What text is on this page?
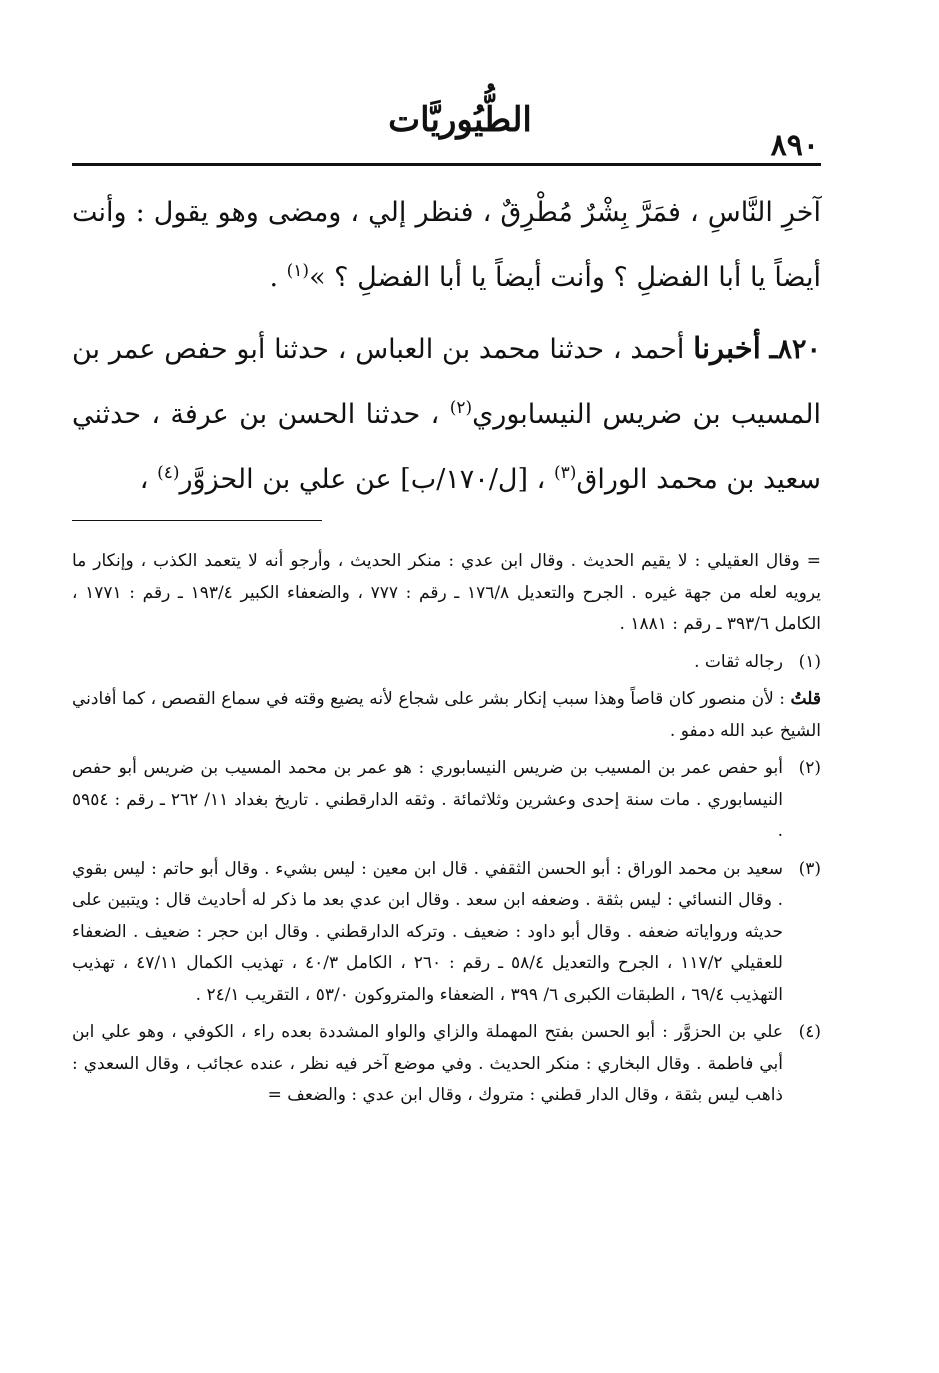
٨٩٠
الطُّيُوريَّات

آخرِ النَّاسِ ، فمَرَّ بِشْرٌ مُطْرِقٌ ، فنظر إلي ، ومضى وهو يقول : وأنت أيضاً يا أبا الفضلِ ؟ وأنت أيضاً يا أبا الفضلِ ؟ »$^{(١)}$ .

٨٢٠ـ أخبرنا أحمد ، حدثنا محمد بن العباس ، حدثنا أبو حفص عمر بن المسيب بن ضريس النيسابوري$^{(٢)}$ ، حدثنا الحسن بن عرفة ، حدثني سعيد بن محمد الوراق$^{(٣)}$ ، [ل/١٧٠/ب] عن علي بن الحزوَّر$^{(٤)}$ ،

= وقال العقيلي : لا يقيم الحديث . وقال ابن عدي : منكر الحديث ، وأرجو أنه لا يتعمد الكذب ، وإنكار ما يرويه لعله من جهة غيره . الجرح والتعديل ١٧٦/٨ ـ رقم : ٧٧٧ ، والضعفاء الكبير ١٩٣/٤ ـ رقم : ١٧٧١ ، الكامل ٣٩٣/٦ ـ رقم : ١٨٨١ .
(١)

رجاله ثقات .

قلتُ : لأن منصور كان قاصاً وهذا سبب إنكار بشر على شجاع لأنه يضيع وقته في سماع القصص ، كما أفادني الشيخ عبد الله دمفو .
(٢)

أبو حفص عمر بن المسيب بن ضريس النيسابوري : هو عمر بن محمد المسيب بن ضريس أبو حفص النيسابوري . مات سنة إحدى وعشرين وثلاثمائة . وثقه الدارقطني . تاريخ بغداد ١١/ ٢٦٢ ـ رقم : ٥٩٥٤ .

(٣)

سعيد بن محمد الوراق : أبو الحسن الثقفي . قال ابن معين : ليس بشيء . وقال أبو حاتم : ليس بقوي . وقال النسائي : ليس بثقة . وضعفه ابن سعد . وقال ابن عدي بعد ما ذكر له أحاديث قال : ويتبين على حديثه ورواياته ضعفه . وقال أبو داود : ضعيف . وتركه الدارقطني . وقال ابن حجر : ضعيف . الضعفاء للعقيلي ١١٧/٢ ، الجرح والتعديل ٥٨/٤ ـ رقم : ٢٦٠ ، الكامل ٤٠/٣ ، تهذيب الكمال ٤٧/١١ ، تهذيب التهذيب ٦٩/٤ ، الطبقات الكبرى ٦/ ٣٩٩ ، الضعفاء والمتروكون ٥٣/٠ ، التقريب ٢٤/١ .

(٤)

علي بن الحزوَّر : أبو الحسن بفتح المهملة والزاي والواو المشددة بعده راء ، الكوفي ، وهو علي ابن أبي فاطمة . وقال البخاري : منكر الحديث . وفي موضع آخر فيه نظر ، عنده عجائب ، وقال السعدي : ذاهب ليس بثقة ، وقال الدار قطني : متروك ، وقال ابن عدي : والضعف =
